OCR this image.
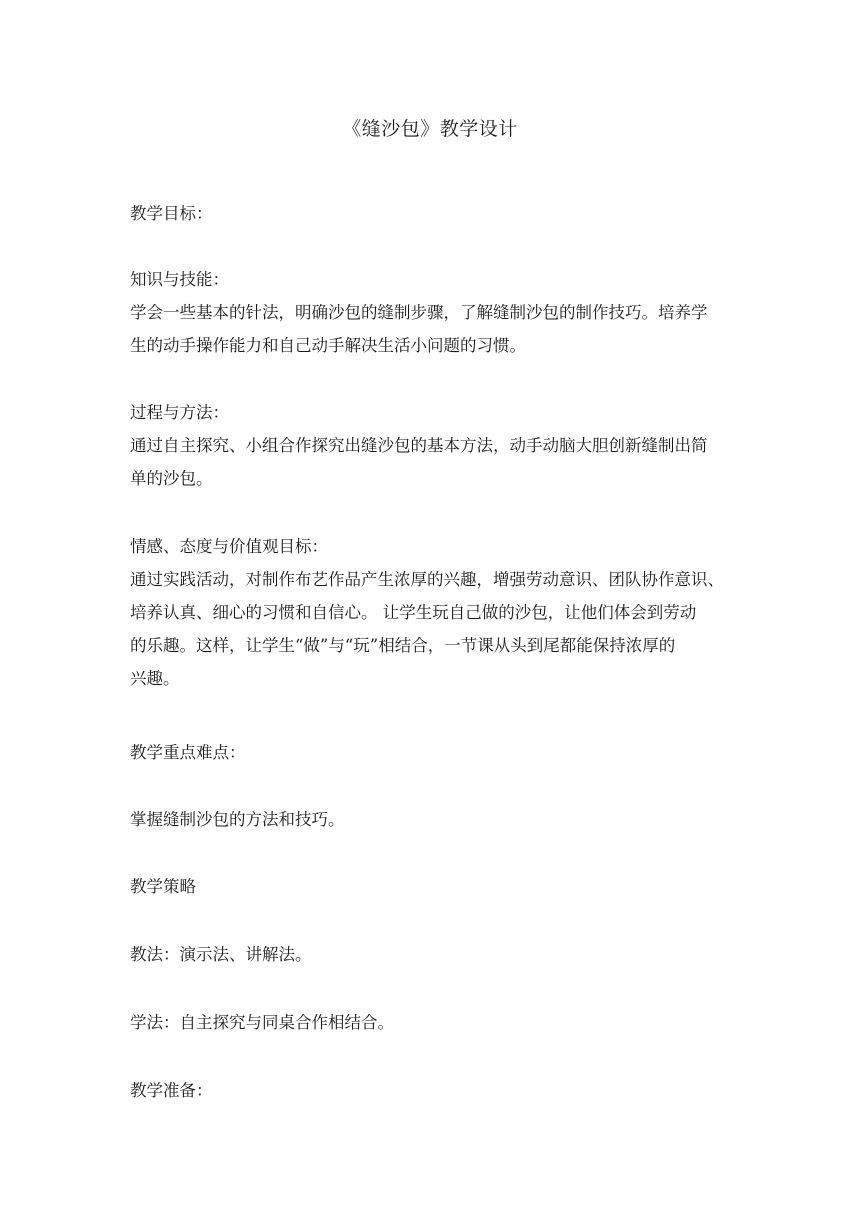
《缝沙包》教学设计

教学目标：

知识与技能：

学会一些基本的针法，明确沙包的缝制步骤，了解缝制沙包的制作技巧。培养学
生的动手操作能力和自己动手解决生活小问题的习惯。

过程与方法：

通过自主探究、小组合作探究出缝沙包的基本方法，动手动脑大胆创新缝制出简
单的沙包。

情感、态度与价值观目标：

通过实践活动，对制作布艺作品产生浓厚的兴趣，增强劳动意识、团队协作意识、
培养认真、细心的习惯和自信心。 让学生玩自己做的沙包，让他们体会到劳动
的乐趣。这样，让学生“做”与“玩”相结合，一节课从头到尾都能保持浓厚的
兴趣。

教学重点难点：

掌握缝制沙包的方法和技巧。

教学策略

教法：演示法、讲解法。

学法：自主探究与同桌合作相结合。

教学准备：
